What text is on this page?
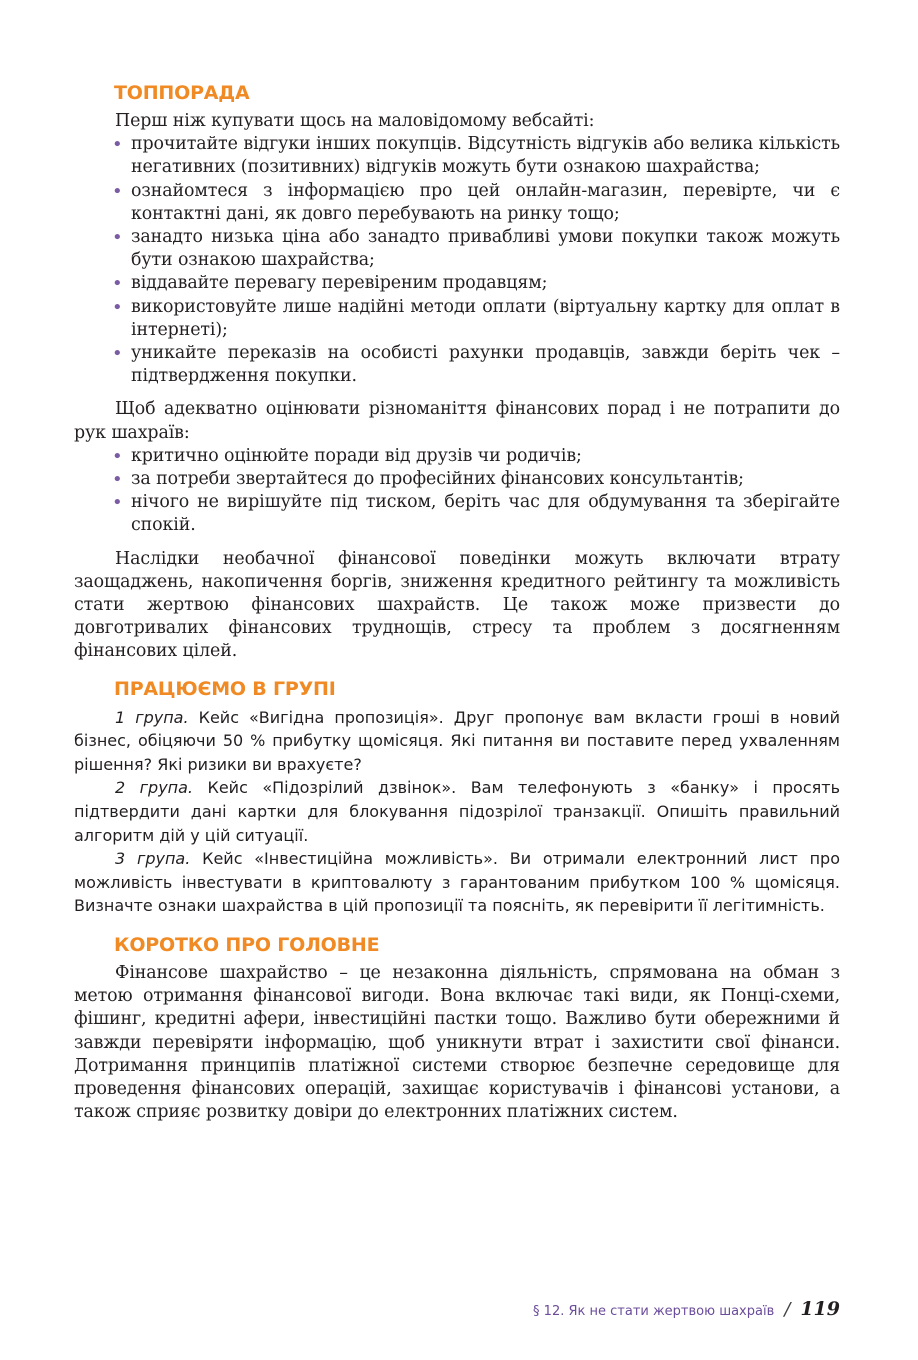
ТОППОРАДА
Перш ніж купувати щось на маловідомому вебсайті:
• прочитайте відгуки інших покупців. Відсутність відгуків або велика кількість негативних (позитивних) відгуків можуть бути ознакою шахрайства;
• ознайомтеся з інформацією про цей онлайн-магазин, перевірте, чи є контактні дані, як довго перебувають на ринку тощо;
• занадто низька ціна або занадто привабливі умови покупки також можуть бути ознакою шахрайства;
• віддавайте перевагу перевіреним продавцям;
• використовуйте лише надійні методи оплати (віртуальну картку для оплат в інтернеті);
• уникайте переказів на особисті рахунки продавців, завжди беріть чек – підтвердження покупки.
Щоб адекватно оцінювати різноманіття фінансових порад і не потрапити до рук шахраїв:
• критично оцінюйте поради від друзів чи родичів;
• за потреби звертайтеся до професійних фінансових консультантів;
• нічого не вирішуйте під тиском, беріть час для обдумування та зберігайте спокій.

Наслідки необачної фінансової поведінки можуть включати втрату заощаджень, накопичення боргів, зниження кредитного рейтингу та можливість стати жертвою фінансових шахрайств. Це також може призвести до довготривалих фінансових труднощів, стресу та проблем з досягненням фінансових цілей.

ПРАЦЮЄМО В ГРУПІ

1 група. Кейс «Вигідна пропозиція». Друг пропонує вам вкласти гроші в новий бізнес, обіцяючи 50 % прибутку щомісяця. Які питання ви поставите перед ухваленням рішення? Які ризики ви врахуєте?

2 група. Кейс «Підозрілий дзвінок». Вам телефонують з «банку» і просять підтвердити дані картки для блокування підозрілої транзакції. Опишіть правильний алгоритм дій у цій ситуації.

3 група. Кейс «Інвестиційна можливість». Ви отримали електронний лист про можливість інвестувати в криптовалюту з гарантованим прибутком 100 % щомісяця. Визначте ознаки шахрайства в цій пропозиції та поясніть, як перевірити її легітимність.

КОРОТКО ПРО ГОЛОВНЕ

Фінансове шахрайство – це незаконна діяльність, спрямована на обман з метою отримання фінансової вигоди. Вона включає такі види, як Понці-схеми, фішинг, кредитні афери, інвестиційні пастки тощо. Важливо бути обережними й завжди перевіряти інформацію, щоб уникнути втрат і захистити свої фінанси. Дотримання принципів платіжної системи створює безпечне середовище для проведення фінансових операцій, захищає користувачів і фінансові установи, а також сприяє розвитку довіри до електронних платіжних систем.

§ 12. Як не стати жертвою шахраїв / 119
